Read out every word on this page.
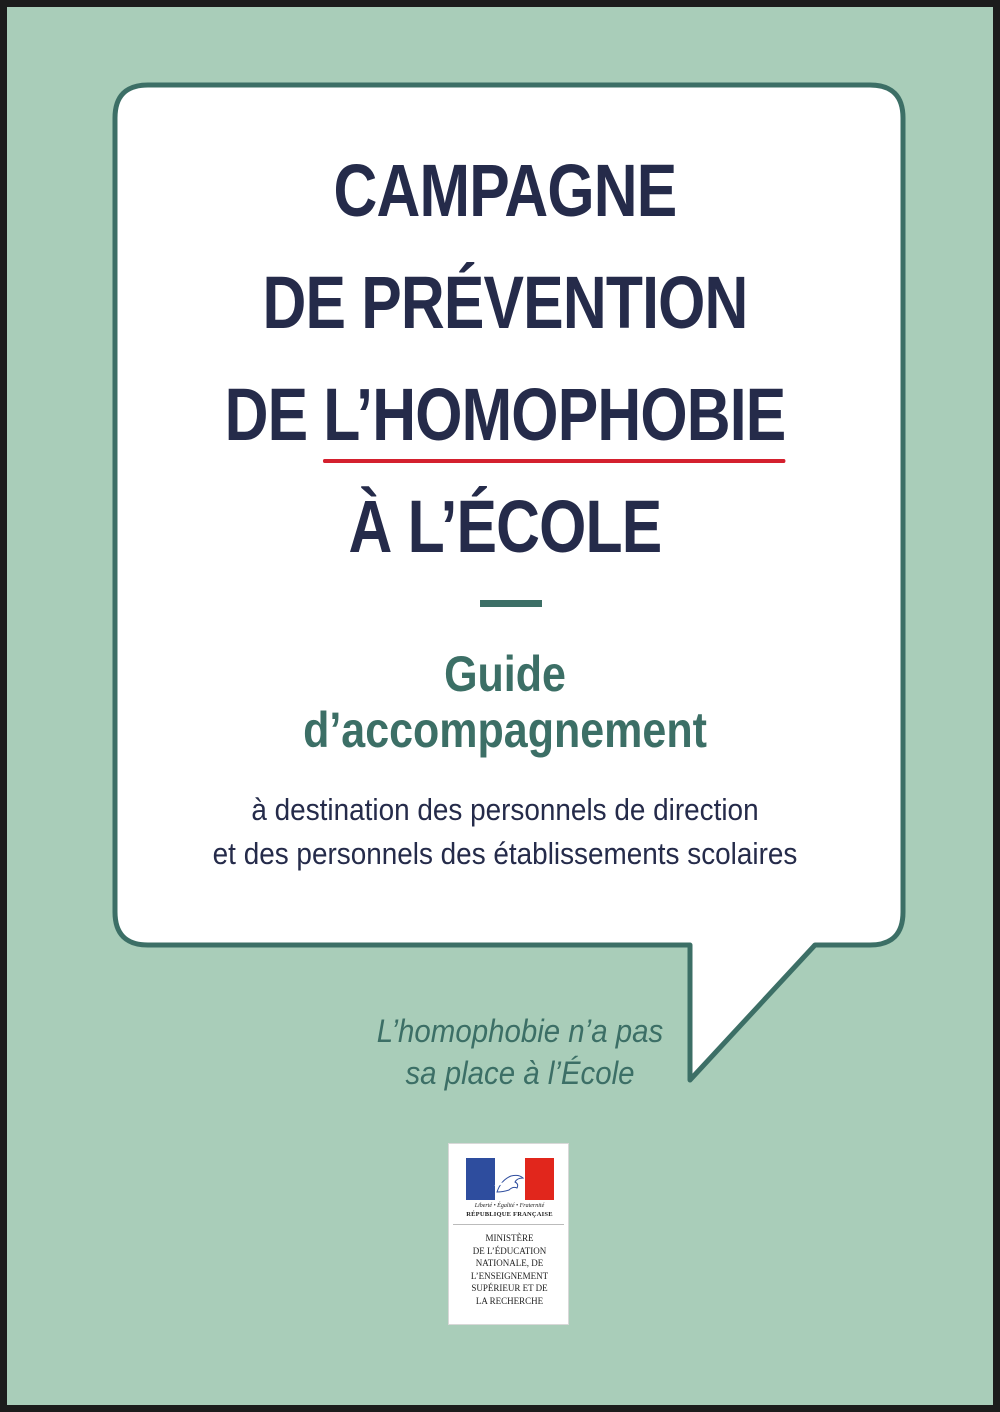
CAMPAGNE
DE PRÉVENTION
DE L’HOMOPHOBIE
À L’ÉCOLE
Guide
d’accompagnement
à destination des personnels de direction
et des personnels des établissements scolaires
L’homophobie n’a pas
sa place à l’École
Liberté • Égalité • Fraternité
RÉPUBLIQUE FRANÇAISE
MINISTÈRE
DE L’ÉDUCATION
NATIONALE, DE
L’ENSEIGNEMENT
SUPÉRIEUR ET DE
LA RECHERCHE
